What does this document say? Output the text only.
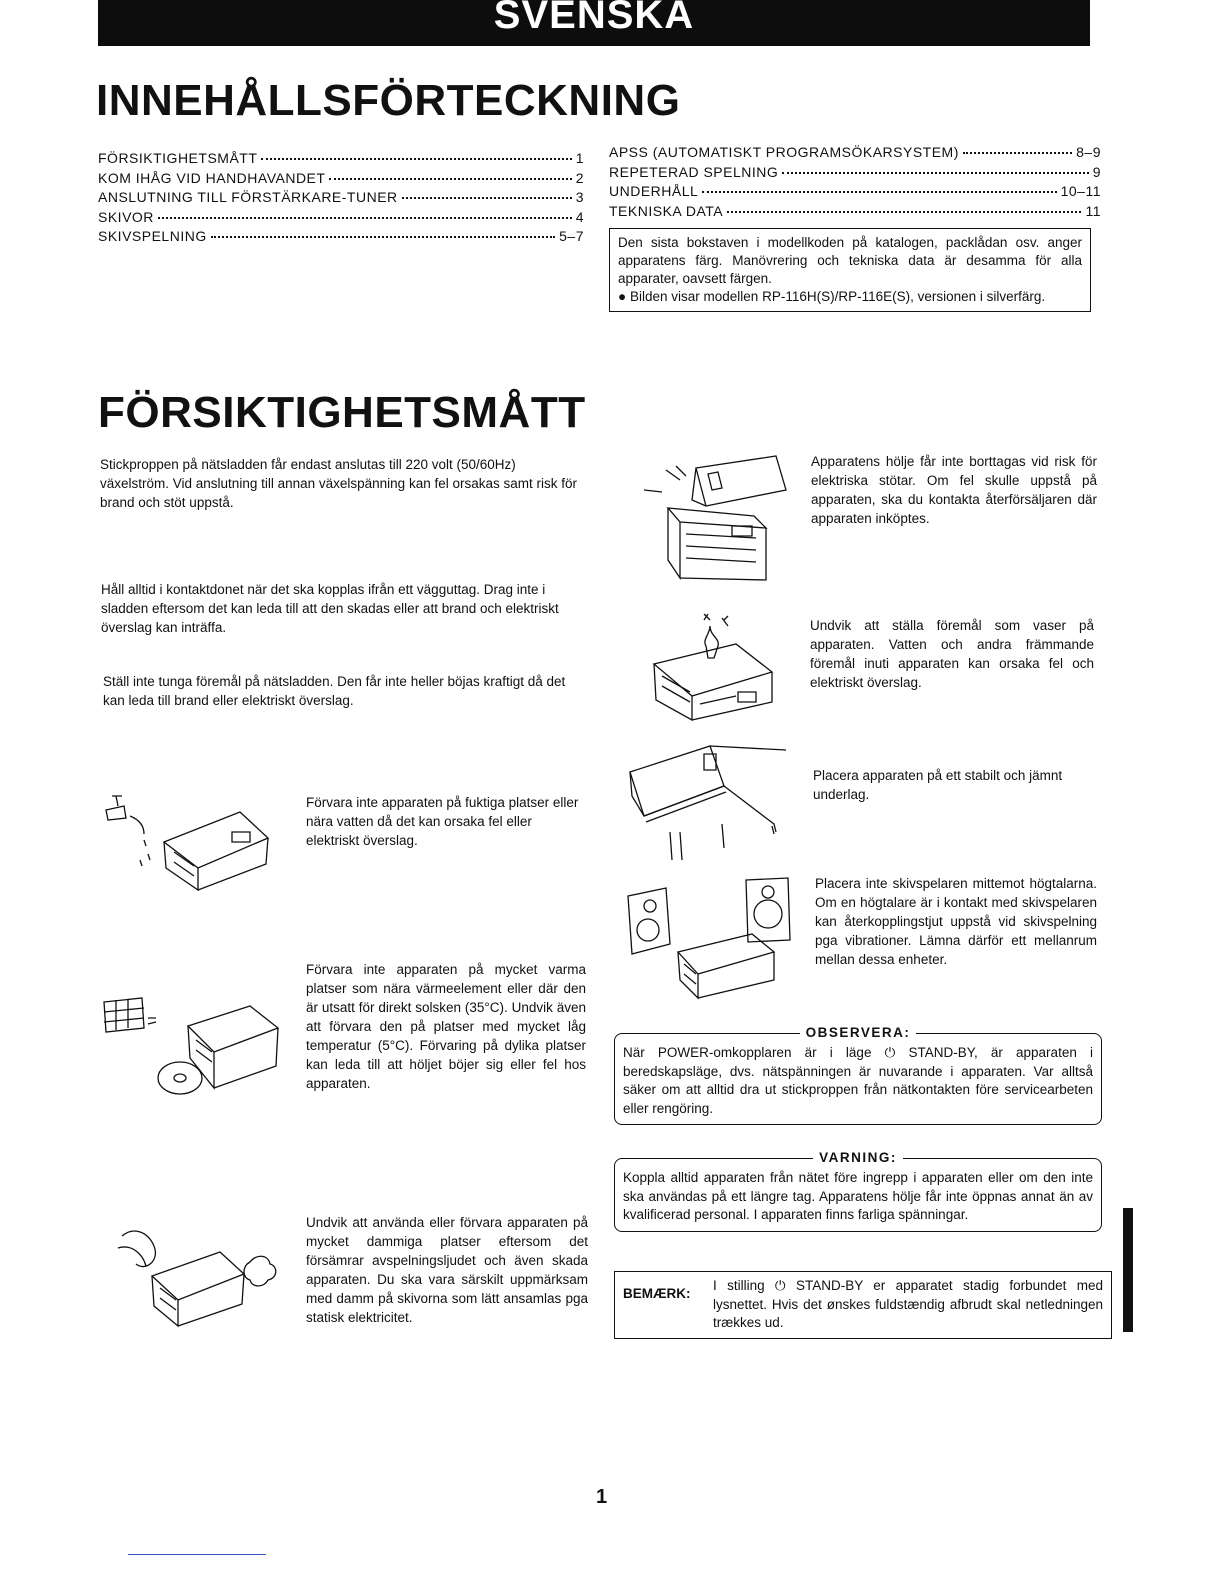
SVENSKA
INNEHÅLLSFÖRTECKNING
FÖRSIKTIGHETSMÅTT	1
KOM IHÅG VID HANDHAVANDET	2
ANSLUTNING TILL FÖRSTÄRKARE-TUNER	3
SKIVOR	4
SKIVSPELNING	5–7
APSS (AUTOMATISKT PROGRAMSÖKARSYSTEM)	8–9
REPETERAD SPELNING	9
UNDERHÅLL	10–11
TEKNISKA DATA	11
Den sista bokstaven i modellkoden på katalogen, packlådan osv. anger apparatens färg. Manövrering och tekniska data är desamma för alla apparater, oavsett färgen.
● Bilden visar modellen RP-116H(S)/RP-116E(S), versionen i silverfärg.
FÖRSIKTIGHETSMÅTT
Stickproppen på nätsladden får endast anslutas till 220 volt (50/60Hz) växelström. Vid anslutning till annan växelspänning kan fel orsakas samt risk för brand och stöt uppstå.
Håll alltid i kontaktdonet när det ska kopplas ifrån ett vägguttag. Drag inte i sladden eftersom det kan leda till att den skadas eller att brand och elektriskt överslag kan inträffa.
Ställ inte tunga föremål på nätsladden. Den får inte heller böjas kraftigt då det kan leda till brand eller elektriskt överslag.
Förvara inte apparaten på fuktiga platser eller nära vatten då det kan orsaka fel eller elektriskt överslag.
Förvara inte apparaten på mycket varma platser som nära värmeelement eller där den är utsatt för direkt solsken (35°C). Undvik även att förvara den på platser med mycket låg temperatur (5°C). Förvaring på dylika platser kan leda till att höljet böjer sig eller fel hos apparaten.
Undvik att använda eller förvara apparaten på mycket dammiga platser eftersom det försämrar avspelningsljudet och även skada apparaten. Du ska vara särskilt uppmärksam med damm på skivorna som lätt ansamlas pga statisk elektricitet.
Apparatens hölje får inte borttagas vid risk för elektriska stötar. Om fel skulle uppstå på apparaten, ska du kontakta återförsäljaren där apparaten inköptes.
Undvik att ställa föremål som vaser på apparaten. Vatten och andra främmande föremål inuti apparaten kan orsaka fel och elektriskt överslag.
Placera apparaten på ett stabilt och jämnt underlag.
Placera inte skivspelaren mittemot högtalarna. Om en högtalare är i kontakt med skivspelaren kan återkopplingstjut uppstå vid skivspelning pga vibrationer. Lämna därför ett mellanrum mellan dessa enheter.
OBSERVERA:
När POWER-omkopplaren är i läge ⏻ STAND-BY, är apparaten i beredskapsläge, dvs. nätspänningen är nuvarande i apparaten. Var alltså säker om att alltid dra ut stickproppen från nätkontakten före servicearbeten eller rengöring.
VARNING:
Koppla alltid apparaten från nätet före ingrepp i apparaten eller om den inte ska användas på ett längre tag. Apparatens hölje får inte öppnas annat än av kvalificerad personal. I apparaten finns farliga spänningar.
BEMÆRK:
I stilling ⏻ STAND-BY er apparatet stadig forbundet med lysnettet. Hvis det ønskes fuldstændig afbrudt skal netledningen trækkes ud.
1
